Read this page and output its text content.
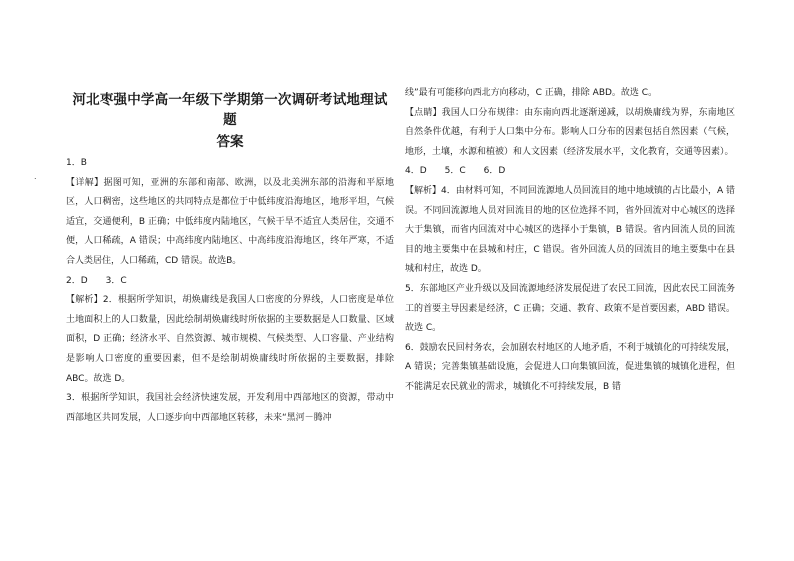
.
河北枣强中学高一年级下学期第一次调研考试地理试题
答案

1．B

【详解】据图可知，亚洲的东部和南部、欧洲，以及北美洲东部的沿海和平原地区，人口稠密，这些地区的共同特点是都位于中低纬度沿海地区，地形平坦，气候适宜，交通便利，B 正确；中低纬度内陆地区，气候干旱不适宜人类居住，交通不便，人口稀疏，A 错误；中高纬度内陆地区、中高纬度沿海地区，终年严寒，不适合人类居住，人口稀疏，CD 错误。故选B。

2．D　　3．C

【解析】2．根据所学知识，胡焕庸线是我国人口密度的分界线，人口密度是单位土地面积上的人口数量，因此绘制胡焕庸线时所依据的主要数据是人口数量、区域面积，D 正确；经济水平、自然资源、城市规模、气候类型、人口容量、产业结构是影响人口密度的重要因素，但不是绘制胡焕庸线时所依据的主要数据，排除 ABC。故选 D。

3．根据所学知识，我国社会经济快速发展，开发利用中西部地区的资源，带动中西部地区共同发展，人口逐步向中西部地区转移，未来“黑河－腾冲

线”最有可能移向西北方向移动，C 正确，排除 ABD。故选 C。

【点睛】我国人口分布规律：由东南向西北逐渐递减，以胡焕庸线为界，东南地区自然条件优越，有利于人口集中分布。影响人口分布的因素包括自然因素（气候，地形，土壤，水源和植被）和人文因素（经济发展水平，文化教育，交通等因素）。

4．D　　5．C　　6．D

【解析】4．由材料可知，不同回流源地人员回流目的地中地域镇的占比最小，A 错误。不同回流源地人员对回流目的地的区位选择不同，省外回流对中心城区的选择大于集镇，而省内回流对中心城区的选择小于集镇，B 错误。省内回流人员的回流目的地主要集中在县城和村庄，C 错误。省外回流人员的回流目的地主要集中在县城和村庄，故选 D。

5．东部地区产业升级以及回流源地经济发展促进了农民工回流，因此农民工回流务工的首要主导因素是经济，C 正确；交通、教育、政策不是首要因素，ABD 错误。故选 C。

6．鼓励农民回村务农，会加剧农村地区的人地矛盾，不利于城镇化的可持续发展，A 错误；完善集镇基础设施，会促进人口向集镇回流，促进集镇的城镇化进程，但不能满足农民就业的需求，城镇化不可持续发展，B 错
